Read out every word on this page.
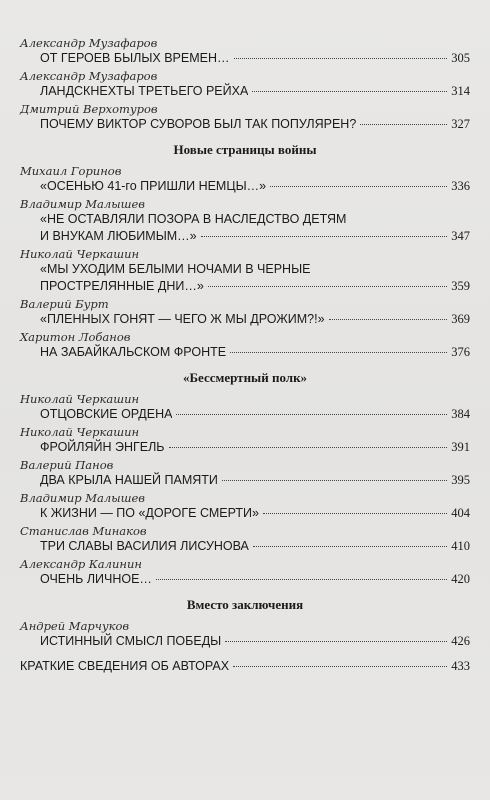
Александр Музафаров
ОТ ГЕРОЕВ БЫЛЫХ ВРЕМЕН…	305
Александр Музафаров
ЛАНДСКНЕХТЫ ТРЕТЬЕГО РЕЙХА	314
Дмитрий Верхотуров
ПОЧЕМУ ВИКТОР СУВОРОВ БЫЛ ТАК ПОПУЛЯРЕН?	327
Новые страницы войны
Михаил Горинов
«ОСЕНЬЮ 41-го ПРИШЛИ НЕМЦЫ…»	336
Владимир Малышев
«НЕ ОСТАВЛЯЛИ ПОЗОРА В НАСЛЕДСТВО ДЕТЯМ
И ВНУКАМ ЛЮБИМЫМ…»	347
Николай Черкашин
«МЫ УХОДИМ БЕЛЫМИ НОЧАМИ В ЧЕРНЫЕ
ПРОСТРЕЛЯННЫЕ ДНИ…»	359
Валерий Бурт
«ПЛЕННЫХ ГОНЯТ — ЧЕГО Ж МЫ ДРОЖИМ?!»	369
Харитон Лобанов
НА ЗАБАЙКАЛЬСКОМ ФРОНТЕ	376
«Бессмертный полк»
Николай Черкашин
ОТЦОВСКИЕ ОРДЕНА	384
Николай Черкашин
ФРОЙЛЯЙН ЭНГЕЛЬ	391
Валерий Панов
ДВА КРЫЛА НАШЕЙ ПАМЯТИ	395
Владимир Малышев
К ЖИЗНИ — ПО «ДОРОГЕ СМЕРТИ»	404
Станислав Минаков
ТРИ СЛАВЫ ВАСИЛИЯ ЛИСУНОВА	410
Александр Калинин
ОЧЕНЬ ЛИЧНОЕ…	420
Вместо заключения
Андрей Марчуков
ИСТИННЫЙ СМЫСЛ ПОБЕДЫ	426
КРАТКИЕ СВЕДЕНИЯ ОБ АВТОРАХ	433
